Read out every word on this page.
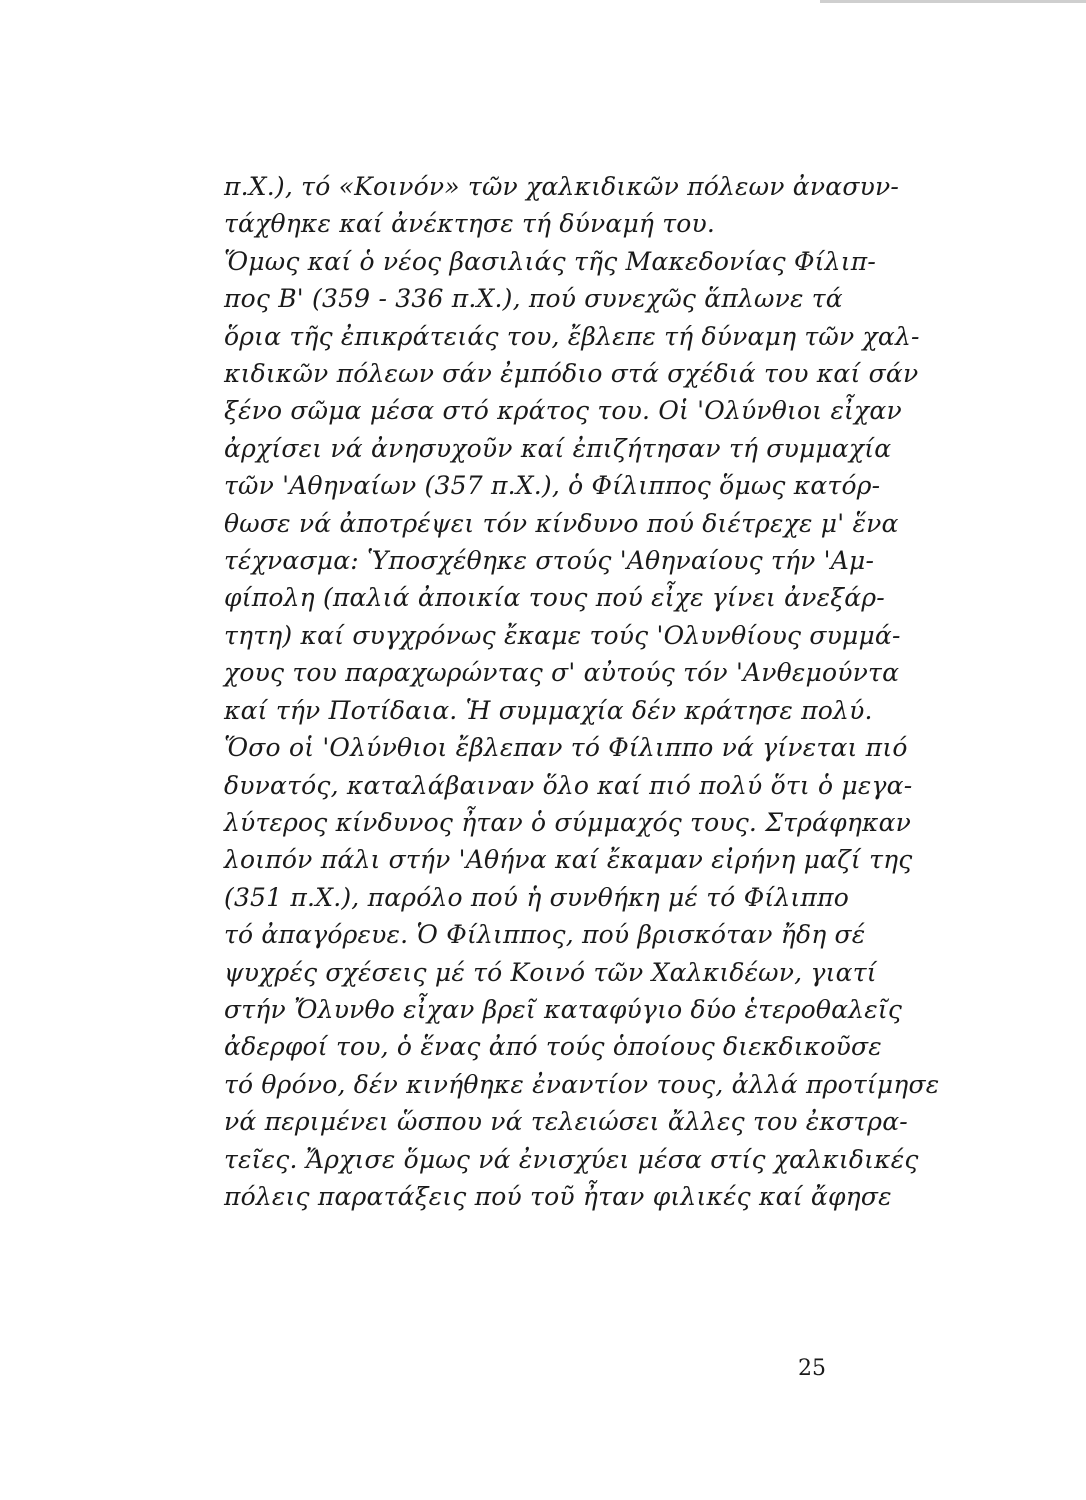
π.Χ.), τό «Κοινόν» τῶν χαλκιδικῶν πόλεων ἀνασυν-
τάχθηκε καί ἀνέκτησε τή δύναμή του.
Ὅμως καί ὁ νέος βασιλιάς τῆς Μακεδονίας Φίλιπ-
πος Β' (359 - 336 π.Χ.), πού συνεχῶς ἅπλωνε τά
ὅρια τῆς ἐπικράτειάς του, ἔβλεπε τή δύναμη τῶν χαλ-
κιδικῶν πόλεων σάν ἐμπόδιο στά σχέδιά του καί σάν
ξένο σῶμα μέσα στό κράτος του. Οἱ 'Ολύνθιοι εἶχαν
ἀρχίσει νά ἀνησυχοῦν καί ἐπιζήτησαν τή συμμαχία
τῶν 'Αθηναίων (357 π.Χ.), ὁ Φίλιππος ὅμως κατόρ-
θωσε νά ἀποτρέψει τόν κίνδυνο πού διέτρεχε μ' ἕνα
τέχνασμα: Ὑποσχέθηκε στούς 'Αθηναίους τήν 'Αμ-
φίπολη (παλιά ἀποικία τους πού εἶχε γίνει ἀνεξάρ-
τητη) καί συγχρόνως ἔκαμε τούς 'Ολυνθίους συμμά-
χους του παραχωρώντας σ' αὐτούς τόν 'Ανθεμούντα
καί τήν Ποτίδαια. Ἡ συμμαχία δέν κράτησε πολύ.
Ὅσο οἱ 'Ολύνθιοι ἔβλεπαν τό Φίλιππο νά γίνεται πιό
δυνατός, καταλάβαιναν ὅλο καί πιό πολύ ὅτι ὁ μεγα-
λύτερος κίνδυνος ἦταν ὁ σύμμαχός τους. Στράφηκαν
λοιπόν πάλι στήν 'Αθήνα καί ἔκαμαν εἰρήνη μαζί της
(351 π.Χ.), παρόλο πού ἡ συνθήκη μέ τό Φίλιππο
τό ἀπαγόρευε. Ὁ Φίλιππος, πού βρισκόταν ἤδη σέ
ψυχρές σχέσεις μέ τό Κοινό τῶν Χαλκιδέων, γιατί
στήν Ὄλυνθο εἶχαν βρεῖ καταφύγιο δύο ἑτεροθαλεῖς
ἀδερφοί του, ὁ ἕνας ἀπό τούς ὁποίους διεκδικοῦσε
τό θρόνο, δέν κινήθηκε ἐναντίον τους, ἀλλά προτίμησε
νά περιμένει ὥσπου νά τελειώσει ἄλλες του ἐκστρα-
τεῖες. Ἄρχισε ὅμως νά ἐνισχύει μέσα στίς χαλκιδικές
πόλεις παρατάξεις πού τοῦ ἦταν φιλικές καί ἄφησε
25
